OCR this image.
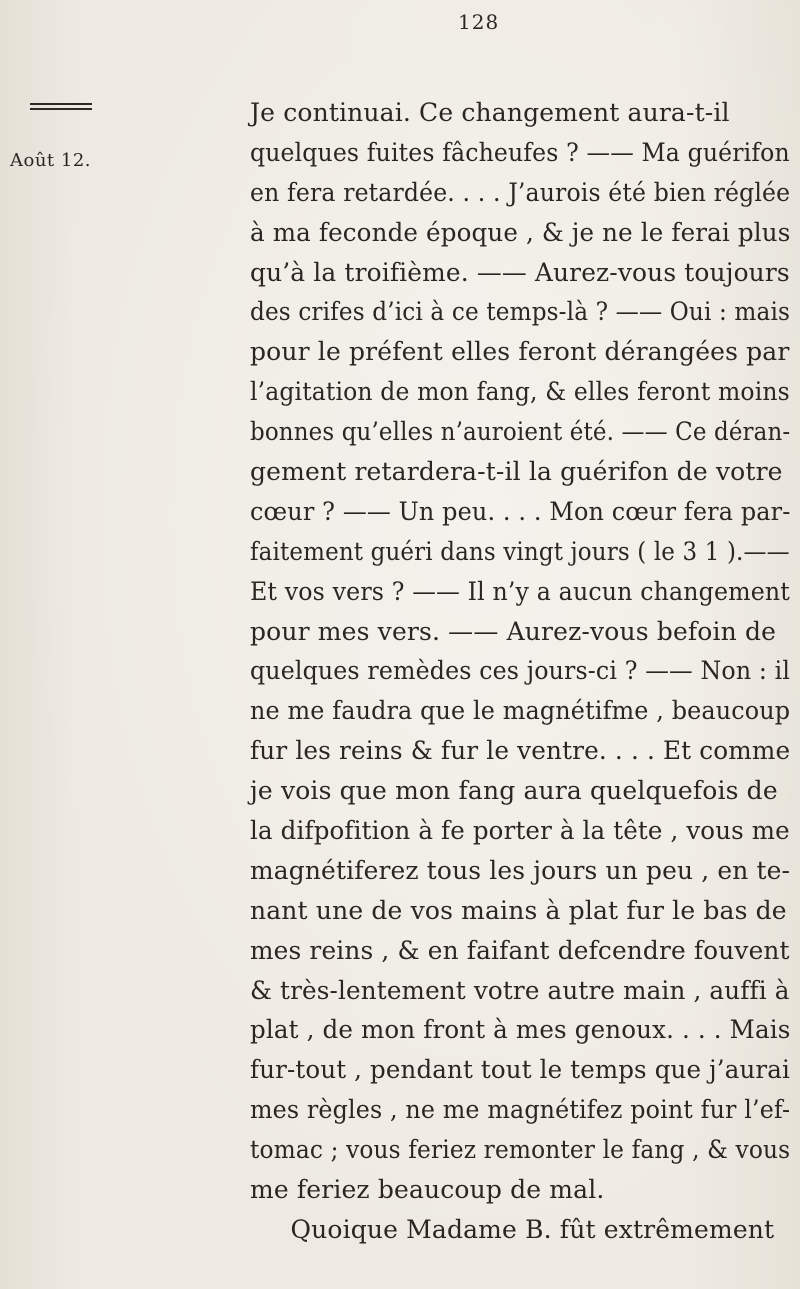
128
Août 12.
Je continuai. Ce changement aura-t-il
quelques fuites fâcheufes ? —— Ma guérifon
en fera retardée. . . . J’aurois été bien réglée
à ma feconde époque , & je ne le ferai plus
qu’à la troifième. —— Aurez-vous toujours
des crifes d’ici à ce temps-là ? —— Oui : mais
pour le préfent elles feront dérangées par
l’agitation de mon fang, & elles feront moins
bonnes qu’elles n’auroient été. —— Ce déran-
gement retardera-t-il la guérifon de votre
cœur ? —— Un peu. . . . Mon cœur fera par-
faitement guéri dans vingt jours ( le 3 1 ).——
Et vos vers ? —— Il n’y a aucun changement
pour mes vers. —— Aurez-vous befoin de
quelques remèdes ces jours-ci ? —— Non : il
ne me faudra que le magnétifme , beaucoup
fur les reins & fur le ventre. . . . Et comme
je vois que mon fang aura quelquefois de
la difpofition à fe porter à la tête , vous me
magnétiferez tous les jours un peu , en te-
nant une de vos mains à plat fur le bas de
mes reins , & en faifant defcendre fouvent
& très-lentement votre autre main , auffi à
plat , de mon front à mes genoux. . . . Mais
fur-tout , pendant tout le temps que j’aurai
mes règles , ne me magnétifez point fur l’ef-
tomac ; vous feriez remonter le fang , & vous
me feriez beaucoup de mal.
Quoique Madame B. fût extrêmement
